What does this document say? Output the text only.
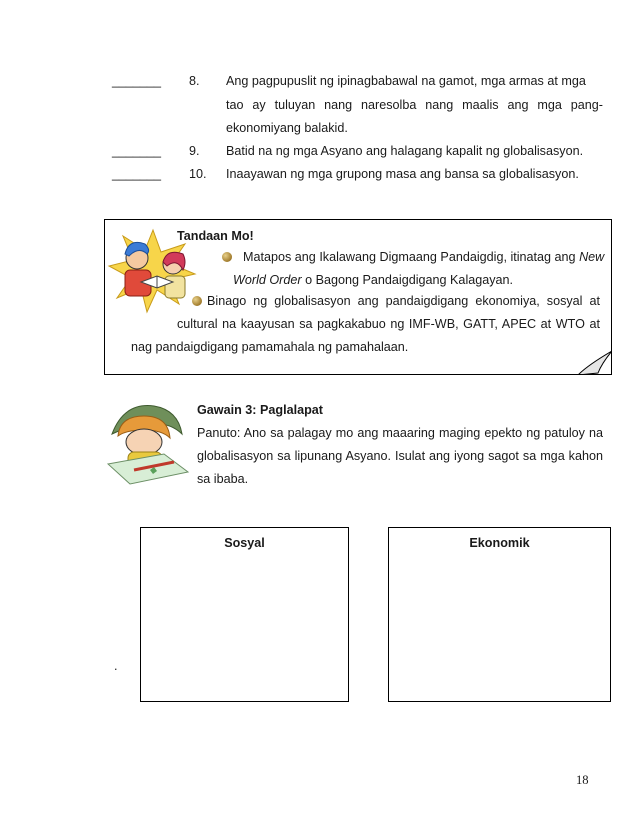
_______ 8. Ang pagpupuslit ng ipinagbabawal na gamot, mga armas at mga
tao ay tuluyan nang naresolba nang maalis ang mga pang-
ekonomiyang balakid.
_______ 9. Batid na ng mga Asyano ang halagang kapalit ng globalisasyon.
_______ 10. Inaayawan ng mga grupong masa ang bansa sa globalisasyon.
Tandaan Mo!
Matapos ang Ikalawang Digmaang Pandaigdig, itinatag ang New
World Order o Bagong Pandaigdigang Kalagayan.
Binago ng globalisasyon ang pandaigdigang ekonomiya, sosyal at
cultural na kaayusan sa pagkakabuo ng IMF-WB, GATT, APEC at WTO at
nag pandaigdigang pamamahala ng pamahalaan.
Gawain 3: Paglalapat
Panuto: Ano sa palagay mo ang maaaring maging epekto ng patuloy na
globalisasyon sa lipunang Asyano. Isulat ang iyong sagot sa mga kahon
sa ibaba.
Sosyal	Ekonomik
.
18
